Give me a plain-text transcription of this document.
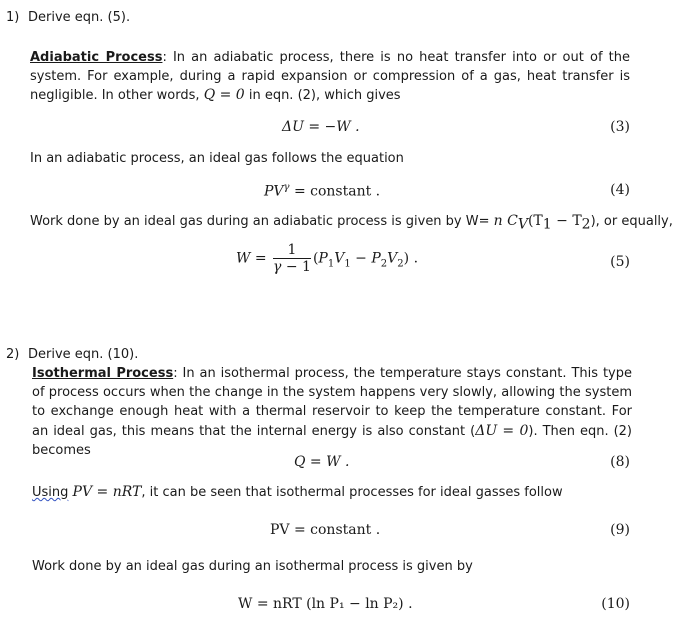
1) Derive eqn. (5).
Adiabatic Process: In an adiabatic process, there is no heat transfer into or out of the system. For example, during a rapid expansion or compression of a gas, heat transfer is negligible. In other words, Q = 0 in eqn. (2), which gives
ΔU = −W .	(3)
In an adiabatic process, an ideal gas follows the equation
$PV^\gamma$ = constant .	(4)
Work done by an ideal gas during an adiabatic process is given by W= n $C_V(T_1 - T_2)$, or equally,
$W = \frac{1}{\gamma - 1} (P_1V_1 - P_2V_2)$ .	(5)
2) Derive eqn. (10).
Isothermal Process: In an isothermal process, the temperature stays constant. This type of process occurs when the change in the system happens very slowly, allowing the system to exchange enough heat with a thermal reservoir to keep the temperature constant. For an ideal gas, this means that the internal energy is also constant (ΔU = 0). Then eqn. (2) becomes
Q = W .	(8)
Using PV = nRT, it can be seen that isothermal processes for ideal gasses follow
PV = constant .	(9)
Work done by an ideal gas during an isothermal process is given by
W = nRT (ln P₁ − ln P₂) .	(10)
